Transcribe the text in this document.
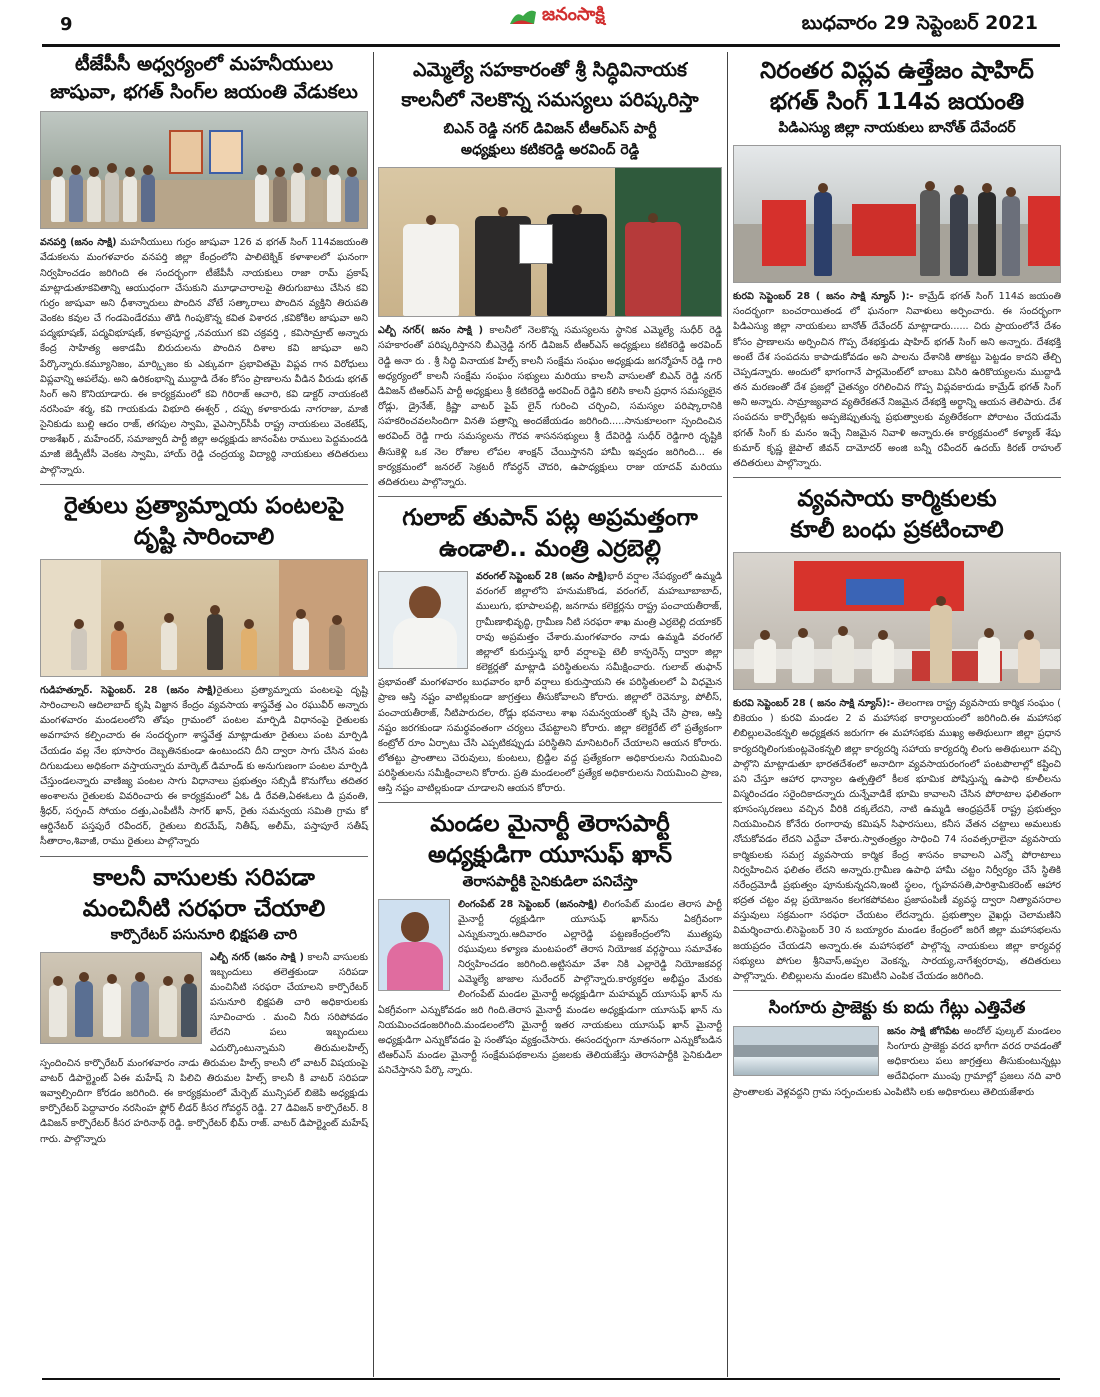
9	జనంసాక్షి	బుధవారం 29 సెప్టెంబర్ 2021
టీజేపీసీ అధ్వర్యంలో మహనీయులు
జాషువా, భగత్ సింగ్‌ల జయంతి వేడుకలు

వనపర్తి (జనం సాక్షి) మహనీయులు గుర్రం జాషువా 126 వ భగత్ సింగ్ 114వజయంతి వేడుకలను మంగళవారం వనపర్తి జిల్లా కేంద్రంలోని పాలిటెక్నిక్ కళాశాలలో ఘనంగా నిర్వహించడం జరిగింది ఈ సందర్భంగా టీజేపీసీ నాయకులు రాజా రామ్ ప్రకాష్ మాట్లాడుతూకవితాన్ని ఆయుధంగా చేసుకుని మూఢాచారాలపై తిరుగుబాటు చేసిన కవి గుర్రం జాషువా అని ధీశాన్నారులు పొందిన వోటే సత్కారాలు పొందిన వ్యక్తిని తిరుపతి వెంకట కవుల చే గండపెండేరము తొడి గింపుకొన్న కవిత విశారద ,కవికోకిల జాషువా అని పద్మభూషణ్, పద్మవిభూషణ్, కళాప్రపూర్ణ ,నవయుగ కవి చక్రవర్తి , కవిసామ్రాట్ అన్నారు కేంద్ర సాహిత్య అకాడమీ బిరుదులను పొందిన దిశాల కవి జాషువా అని పేర్కొన్నారు.కమ్యూనిజం, మార్క్సిజం కు ఎక్కువగా ప్రభావితమై విప్లవ గాన విరోధులు విప్లవాన్ని ఆపలేవు. అని ఉరికంభాన్ని ముద్దాడి దేశం కోసం ప్రాణాలను వీడిన వీరుడు భగత్ సింగ్ అని కొనియాడారు. ఈ కార్యక్రమంలో కవి గిరిరాజ్ ఆచారి, కవి డాక్టర్ నాయకంటి నరసింహ శర్మ, కవి గాయకుడు విభూది ఈశ్వర్ , దప్పు కళాకారుడు నాగరాజు, మాజీ సైనికుడు బుల్లి ఆదం రాజ్, తగపుల స్వామి, వైఎస్సార్‌సీపీ రాష్ట్ర నాయకులు వెంకటేష్, రాజశేఖర్ , మహేందర్, సమాజ్వాదీ పార్టీ జిల్లా అధ్యక్షుడు జానంపేట రాములు పెద్దమందడి మాజీ జెడ్పీటీసీ వెంకట స్వామి, హాయ్ రెడ్డి చంద్రయ్య విద్యార్థి నాయకులు తదితరులు పాల్గొన్నారు.

రైతులు ప్రత్యామ్నాయ పంటలపై
దృష్టి సారించాలి

గుడిహత్నూర్. సెప్టెంబర్. 28 (జనం సాక్షి)రైతులు ప్రత్యామ్నాయ పంటలపై దృష్టి సారించాలని ఆదిలాబాద్ కృషి విజ్ఞాన కేంద్రం వ్యవసాయ శాస్త్రవేత్త ఎం రఘువీర్ అన్నారు మంగళవారం మండలంలోని తోషం గ్రామంలో పంటల మార్పిడి విధానంపై రైతులకు అవగాహన కల్పించారు ఈ సందర్భంగా శాస్త్రవేత్త మాట్లాడుతూ రైతులు పంట మార్పిడి చేయడం వల్ల నేల భూసారం దెబ్బతినకుండా ఉంటుందని దీని ద్వారా సాగు చేసిన పంట దిగుబడులు అధికంగా వస్తాయన్నారు మార్కెట్ డిమాండ్ కు అనుగుణంగా పంటల మార్పిడి చేస్తుండలన్నారు వాణిజ్య పంటల సాగు విధానాలు ప్రభుత్వం సబ్సిడీ కొనుగోలు తదితర అంశాలను రైతులకు వివరించారు ఈ కార్యక్రమంలో ఏఓ డి రేవతి,ఏఈఓలు డి ప్రవంతి, శ్రీధర్, సర్పంచ్ సోయం దత్తు,ఎంపీటీసీ సాగర్ ఖాన్, రైతు సమన్వయ సమితి గ్రామ కో ఆర్డినేటర్ పస్తపురే రవీందర్, రైతులు బిరమేష్, నితీష్, అలీమ్, పస్తాపూరే సతీష్ సీతారాం,శివాజీ, రాము రైతులు పాల్గొన్నారు

కాలనీ వాసులకు సరిపడా
మంచినీటి సరఫరా చేయాలి
కార్పొరేటర్ పసునూరి భిక్షపతి చారి

ఎల్బీ నగర్ (జనం సాక్షి ) కాలనీ వాసులకు ఇబ్బందులు తలెత్తకుండా సరిపడా మంచినీటి సరఫరా చేయాలని కార్పొరేటర్ పసునూరి భిక్షపతి చారి అధికారులకు సూచించారు . మంచి నీరు సరిపోవడం లేదని పలు ఇబ్బందులు ఎదుర్కొంటున్నామని తిరుమలహిల్స్ స్పందించిన కార్పొరేటర్ మంగళవారం నాడు తిరుమల హిల్స్ కాలనీ లో వాటర్ విషయంపై వాటర్ డిపార్ట్మెంట్ ఏఈ మహేష్ ని పిలిచి తిరుమల హిల్స్ కాలనీ కి వాటర్ సరిపడా ఇవ్వాల్సిందిగా కోరడం జరిగింది. ఈ కార్యక్రమంలో మేర్చెట్ మున్సిపల్ బిజెపి అధ్యక్షుడు కార్పొరేటర్ పెద్దావారం నరసింహ ఫ్లోర్ లీడర్ కీసర గోవర్ధన్ రెడ్డి. 27 డివిజన్ కార్పొరేటర్. 8 డివిజన్ కార్పొరేటర్ కీసర హరినాథ్ రెడ్డి. కార్పొరేటర్ భీమ్ రాజ్. వాటర్ డిపార్ట్మెంట్ మహేష్ గారు. పాల్గొన్నారు

ఎమ్మెల్యే సహకారంతో శ్రీ సిద్ధివినాయక
కాలనీలో నెలకొన్న సమస్యలు పరిష్కరిస్తా
బిఎన్ రెడ్డి నగర్ డివిజన్ టీఆర్ఎస్ పార్టీ
అధ్యక్షులు కటికరెడ్డి అరవింద్ రెడ్డి

ఎల్బీ నగర్( జనం సాక్షి ) కాలనీలో నెలకొన్న సమస్యలను స్థానిక ఎమ్మెల్యే సుధీర్ రెడ్డి సహకారంతో పరిష్కరిస్తానని బీఎన్రెడ్డి నగర్ డివిజన్ టీఆర్ఎస్ అధ్యక్షులు కటికరెడ్డి అరవింద్ రెడ్డి అనా రు . శ్రీ సిద్ధి వినాయక హిల్స్ కాలనీ సంక్షేమ సంఘం అధ్యక్షుడు జగన్మోహన్ రెడ్డి గారి అధ్యర్యంలో కాలనీ సంక్షేమ సంఘం సభ్యులు మరియు కాలనీ వాసులతో బిఎన్ రెడ్డి నగర్ డివిజన్ టిఆర్ఎస్ పార్టీ అధ్యక్షులు శ్రీ కటికరెడ్డి అరవింద్ రెడ్డిని కలిసి కాలనీ ప్రధాన సమస్యలైన రోడ్లు, డ్రైనేజ్, క్రిష్ణా వాటర్ పైప్ లైన్ గురించి చర్చించి, సమస్యల పరిష్కారానికి సహకరించవలసిందిగా వినతి పత్రాన్ని అందజేయడం జరిగింది.....సానుకూలంగా స్పందించిన అరవింద్ రెడ్డి గారు సమస్యలను గౌరవ శాసనసభ్యులు శ్రీ దేవిరెడ్డి సుధీర్ రెడ్డిగారి దృష్టికి తీసుకెళ్లి ఒక నెల రోజుల లోపల శాంక్షన్ చేయిస్తానని హామీ ఇవ్వడం జరిగింది... ఈ కార్యక్రమంలో జనరల్ సెక్రటరీ గోవర్ధన్ చౌదరి, ఉపాధ్యక్షులు రాజు యాదవ్ మరియు తదితరులు పాల్గొన్నారు.

గులాబ్ తుపాన్ పట్ల అప్రమత్తంగా
ఉండాలి.. మంత్రి ఎర్రబెల్లి

వరంగల్ సెప్టెంబర్ 28 (జనం సాక్షి)భారీ వర్షాల నేపథ్యంలో ఉమ్మడి వరంగల్ జిల్లాలోని హనుమకొండ, వరంగల్, మహబూబాబాద్, ములుగు, భూపాలపల్లి, జనగామ కలెక్టర్లను రాష్ట్ర పంచాయతీరాజ్, గ్రామీణాభివృద్ధి, గ్రామీణ నీటి సరఫరా శాఖ మంత్రి ఎర్రబెల్లి దయాకర్ రావు అప్రమత్తం చేశారు.మంగళవారం నాడు ఉమ్మడి వరంగల్ జిల్లాలో కురుస్తున్న భారీ వర్షాలపై టెలీ కాన్ఫరెన్స్ ద్వారా జిల్లా కలెక్టర్లతో మాట్లాడి పరిస్థితులను సమీక్షించారు. గులాబ్ తుఫాన్ ప్రభావంతో మంగళవారం బుధవారం భారీ వర్షాలు కురుస్తాయని ఈ పరిస్థితులలో ఏ విధమైన ప్రాణ ఆస్తి నష్టం వాటిల్లకుండా జాగ్రత్తలు తీసుకోవాలని కోరారు. జిల్లాలో రెవెన్యూ, పోలీస్, పంచాయతీరాజ్, నీటిపారుదల, రోడ్లు భవనాలు శాఖ సమన్వయంతో కృషి చేసి ప్రాణ, ఆస్తి నష్టం జరగకుండా సమర్థవంతంగా చర్యలు చేపట్టాలని కోరారు. జిల్లా కలెక్టరేట్ లో ప్రత్యేకంగా కంట్రోల్ రూం ఏర్పాటు చేసి ఎప్పటికప్పుడు పరిస్థితిని మానిటరింగ్ చేయాలని ఆయన కోరారు. లోతట్టు ప్రాంతాలు చెరువులు, కుంటలు, బ్రిడ్జిల వద్ద ప్రత్యేకంగా అధికారులను నియమించి పరిస్థితులను సమీక్షించాలని కోరారు. ప్రతి మండలంలో ప్రత్యేక అధికారులను నియమించి ప్రాణ, ఆస్తి నష్టం వాటిల్లకుండా చూడాలని ఆయన కోరారు.

మండల మైనార్టీ తెరాసపార్టీ
అధ్యక్షుడిగా యూసుఫ్ ఖాన్
తెరాసపార్టీకి సైనికుడిలా పనిచేస్తా

లింగంపేట్ 28 సెప్టెంబర్ (జనంసాక్షి) లింగంపేట్ మండల తెరాస పార్టీ మైనార్టీ ధ్యక్షుడిగా యూసుఫ్ ఖాన్‌ను ఏకగ్రీవంగా ఎన్నుకున్నారు.ఆదివారం ఎల్లారెడ్డి పట్టణకేంద్రంలోని ముత్యపు రఘువులు కళ్యాణ మంటపంలో తెరాస నియోజక వర్గస్థాయి సమావేశం నిర్వహించడం జరిగింది.అట్టిసమా వేశా నికి ఎల్లారెడ్డి నియోజకవర్గ ఎమ్మెల్యే జాజాల సురేందర్ పాల్గొన్నారు.కార్యకర్తల అభీష్టం మేరకు లింగంపేట్ మండల మైనార్టీ అధ్యక్షుడిగా మహమ్మద్ యూసుఫ్ ఖాన్ ను ఏకగ్రీవంగా ఎన్నుకోవడం జరి గింది.తెరాస మైనార్టీ మండల అధ్యక్షుడుగా యూసుఫ్ ఖాన్ ను నియమించడంజరిగింది.మండలంలోని మైనార్టీ ఇతర నాయకులు యూసుఫ్ ఖాన్ మైనార్టీ అధ్యక్షుడిగా ఎన్నుకోవడం పై సంతోషం వ్యక్తంచేసారు. ఈసందర్భంగా నూతనంగా ఎన్నుకోబడిన టిఆర్ఎస్ మండల మైనార్టీ సంక్షేమపథకాలను ప్రజలకు తెలియజేస్తు తెరాసపార్టీకి సైనికుడిలా పనిచేస్తానని పేర్కొ న్నారు.

నిరంతర విప్లవ ఉత్తేజం షాహిద్
భగత్ సింగ్ 114వ జయంతి
పిడిఎస్యు జిల్లా నాయకులు బానోత్ దేవేందర్

కురవి సెప్టెంబర్ 28 ( జనం సాక్షి న్యూస్ ):- కామ్రేడ్ భగత్ సింగ్ 114వ జయంతి సందర్భంగా బంచరాయితండ లో ఘనంగా నివాళులు అర్పించారు. ఈ సందర్భంగా పిడిఎస్యు జిల్లా నాయకులు బానోత్ దేవేందర్ మాట్లాడారు...... చిరు ప్రాయంలోనే దేశం కోసం ప్రాణాలను అర్పించిన గొప్ప దేశభక్తుడు షాహిద్ భగత్ సింగ్ అని అన్నారు. దేశభక్తి అంటే దేశ సంపదను కాపాడుకోవడం అని పాలను దేశానికి తాకట్టు పెట్టడం కాదని తేల్చి చెప్పడన్నారు. అందులో భాగంగానే పార్లమెంట్‌లో బాంబు విసిరి ఉరికొయ్యలను ముద్దాడి తన మరణంతో దేశ ప్రజల్లో చైతన్యం రగిలించిన గొప్ప విప్లవకారుడు కామ్రేడ్ భగత్ సింగ్ అని అన్నారు. సామ్రాజ్యవాద వ్యతిరేకతనే నిజమైన దేశభక్తి అర్థాన్ని ఆయన తెలిపారు. దేశ సంపదను కార్పొరేట్లకు అప్పజెప్పుతున్న ప్రభుత్వాలకు వ్యతిరేకంగా పోరాటం చేయడమే భగత్ సింగ్ కు మనం ఇచ్చే నిజమైన నివాళి అన్నారు.ఈ కార్యక్రమంలో కళ్యాణ్ శేషు కుమార్ కృష్ణ జైపాల్ జీవన్ దామోదర్ అంజి బన్నీ రవీందర్ ఉదయ్ కిరణ్ రాహుల్ తదితరులు పాల్గొన్నారు.

వ్యవసాయ కార్మికులకు
కూలీ బంధు ప్రకటించాలి

కురవి సెప్టెంబర్ 28 ( జనం సాక్షి న్యూస్):- తెలంగాణ రాష్ట్ర వ్యవసాయ కార్మిక సంఘం ( బికెయం ) కురవి మండల 2 వ మహాసభ కార్యాలయంలో జరిగింది.ఈ మహాసభ లిబిల్లులవెంకన్నలి అధ్యక్షతన జరుగగా ఈ మహాసభకు ముఖ్య అతిథులుగా జిల్లా ప్రధాన కార్యదర్శిలింగుకుంట్లవెంకన్నలి జిల్లా కార్యదర్శి సహాయ కార్యదర్శి లింగు అతిథులుగా వచ్చి పాల్గొని మాట్లాడుతూ భారతదేశంలో అనాదిగా వ్యవసాయరంగంలో పంటపొలాల్లో కష్టించి పని చేస్తూ ఆహార ధాన్యాల ఉత్పత్తిలో కీలక భూమిక పోషిస్తున్న ఉపాధి కూలీలను విస్మరించడం సరైందికాదన్నారు దున్నేవాడికే భూమి కావాలని చేసిన పోరాటాల ఫలితంగా భూసంస్కరణలు వచ్చిన వీరికి దక్కలేదని, నాటి ఉమ్మడి ఆంధ్రప్రదేశ్ రాష్ట్ర ప్రభుత్వం నియమించిన కోనేరు రంగారావు కమిషన్ సిఫారసులు, కనీస వేతన చట్టాలు అమలుకు నోచుకోవడం లేదని ఎద్దేవా చేశారు.స్వాతంత్ర్యం సాధించి 74 సంవత్సరాలైనా వ్యవసాయ కార్మికులకు సమగ్ర వ్యవసాయ కార్మిక కేంద్ర శాసనం కావాలని ఎన్నో పోరాటాలు నిర్వహించిన ఫలితం లేదని అన్నారు.గ్రామీణ ఉపాధి హామీ చట్టం నిర్వీర్యం చేసే స్థితికి నరేంద్రమోడీ ప్రభుత్వం పూనుకున్నదని,ఇంటి స్థలం, గృహవసతి,పారిశ్రామికరెంట్ ఆహార భద్రత చట్టం వల్ల ప్రయోజనం కలగకపోవటం ప్రజాపంపిణీ వ్యవస్థ ద్వారా నిత్యావసరాల వస్తువులు సక్రమంగా సరఫరా చేయటం లేదన్నారు. ప్రభుత్వాల వైఖర్లు చెలామణిని విమర్శించారు.లిసెప్టెంబర్ 30 న బయ్యారం మండల కేంద్రంలో జరిగే జిల్లా మహాసభలను జయప్రదం చేయడని అన్నారు.ఈ మహాసభలో పాల్గొన్న నాయకులు జిల్లా కార్యవర్గ సభ్యులు పోగుల శ్రీనివాస్,అప్పల వెంకన్న, సారయ్య,నాగేశ్వరరావు, తదితరులు పాల్గొన్నారు. లిబిల్లులను మండల కమిటీని ఎంపిక చేయడం జరిగింది.

సింగూరు ప్రాజెక్టు కు ఐదు గేట్లు ఎత్తివేత

జనం సాక్షి జోగిపేట అందోల్ పుల్కల్ మండలం సింగూరు ప్రాజెక్టు వరద భాగీగా వరద రావడంతో అధికారులు పలు జాగ్రత్తలు తీసుకుంటున్నట్లు అదేవిధంగా ముంపు గ్రామాల్లో ప్రజలు నది వారి ప్రాంతాలకు వెళ్లవద్దని గ్రామ సర్పంచులకు ఎంపిటిసి లకు అధికారులు తెలియజేశారు
